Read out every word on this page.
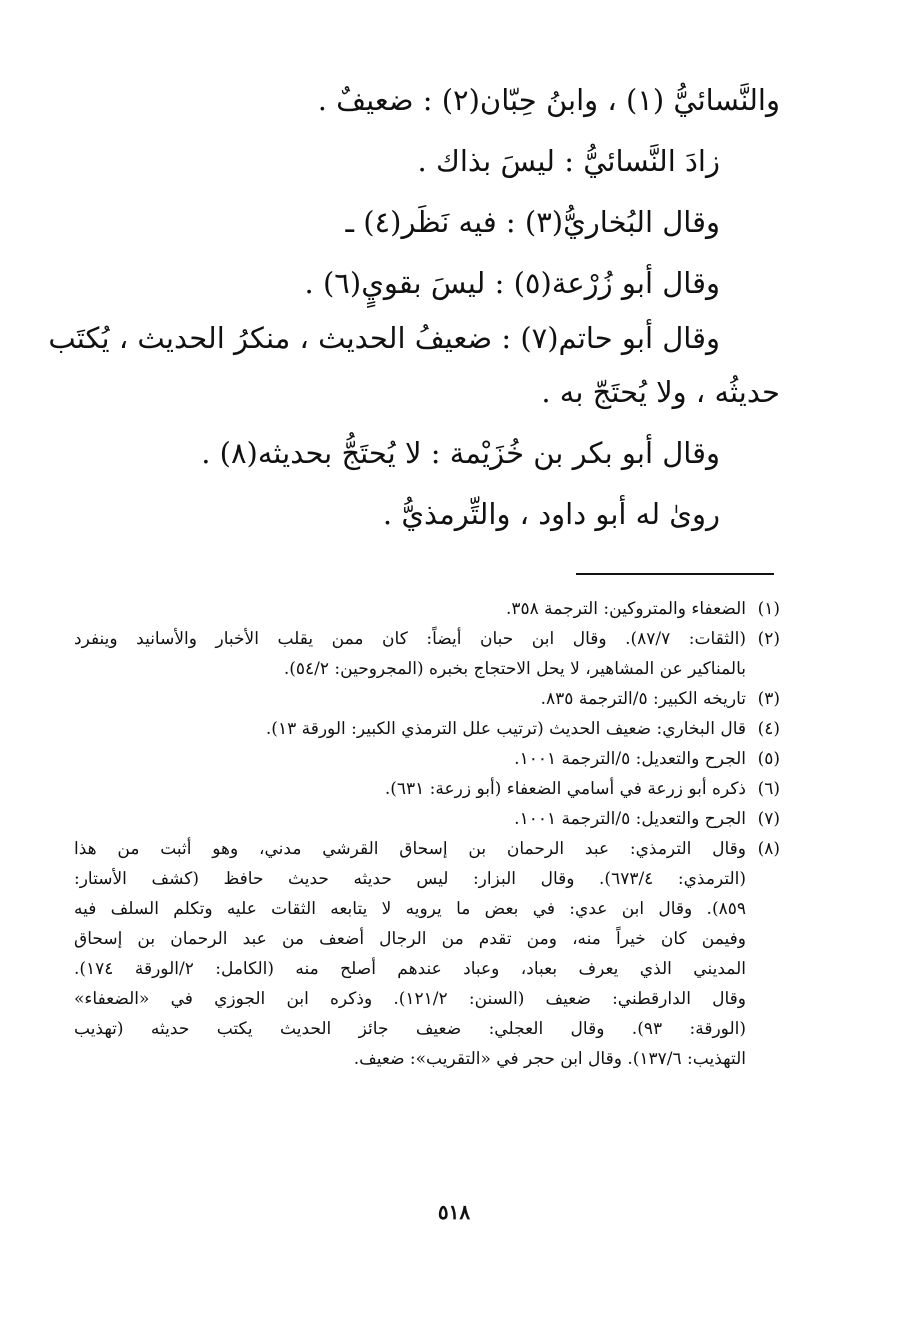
والنَّسائيُّ (١) ، وابنُ حِبّان(٢) : ضعيفٌ .
زادَ النَّسائيُّ : ليسَ بذاك .
وقال البُخاريُّ(٣) : فيه نَظَر(٤) ـ
وقال أبو زُرْعة(٥) : ليسَ بقويٍ(٦) .
وقال أبو حاتم(٧) : ضعيفُ الحديث ، منكرُ الحديث ، يُكتَب
حديثُه ، ولا يُحتَجّ به .
وقال أبو بكر بن خُزَيْمة : لا يُحتَجُّ بحديثه(٨) .
روىٰ له أبو داود ، والتِّرمذيُّ .
(١)
الضعفاء والمتروكين: الترجمة ٣٥٨.
(٢)
(الثقات: ٨٧/٧). وقال ابن حبان أيضاً: كان ممن يقلب الأخبار والأسانيد وينفرد
بالمناكير عن المشاهير، لا يحل الاحتجاج بخبره (المجروحين: ٥٤/٢).
(٣)
تاريخه الكبير: ٥/الترجمة ٨٣٥.
(٤)
قال البخاري: ضعيف الحديث (ترتيب علل الترمذي الكبير: الورقة ١٣).
(٥)
الجرح والتعديل: ٥/الترجمة ١٠٠١.
(٦)
ذكره أبو زرعة في أسامي الضعفاء (أبو زرعة: ٦٣١).
(٧)
الجرح والتعديل: ٥/الترجمة ١٠٠١.
(٨)
وقال الترمذي: عبد الرحمان بن إسحاق القرشي مدني، وهو أثبت من هذا
(الترمذي: ٦٧٣/٤). وقال البزار: ليس حديثه حديث حافظ (كشف الأستار:
٨٥٩). وقال ابن عدي: في بعض ما يرويه لا يتابعه الثقات عليه وتكلم السلف فيه
وفيمن كان خيراً منه، ومن تقدم من الرجال أضعف من عبد الرحمان بن إسحاق
المديني الذي يعرف بعباد، وعباد عندهم أصلح منه (الكامل: ٢/الورقة ١٧٤).
وقال الدارقطني: ضعيف (السنن: ١٢١/٢). وذكره ابن الجوزي في «الضعفاء»
(الورقة: ٩٣). وقال العجلي: ضعيف جائز الحديث يكتب حديثه (تهذيب
التهذيب: ١٣٧/٦). وقال ابن حجر في «التقريب»: ضعيف.
٥١٨
